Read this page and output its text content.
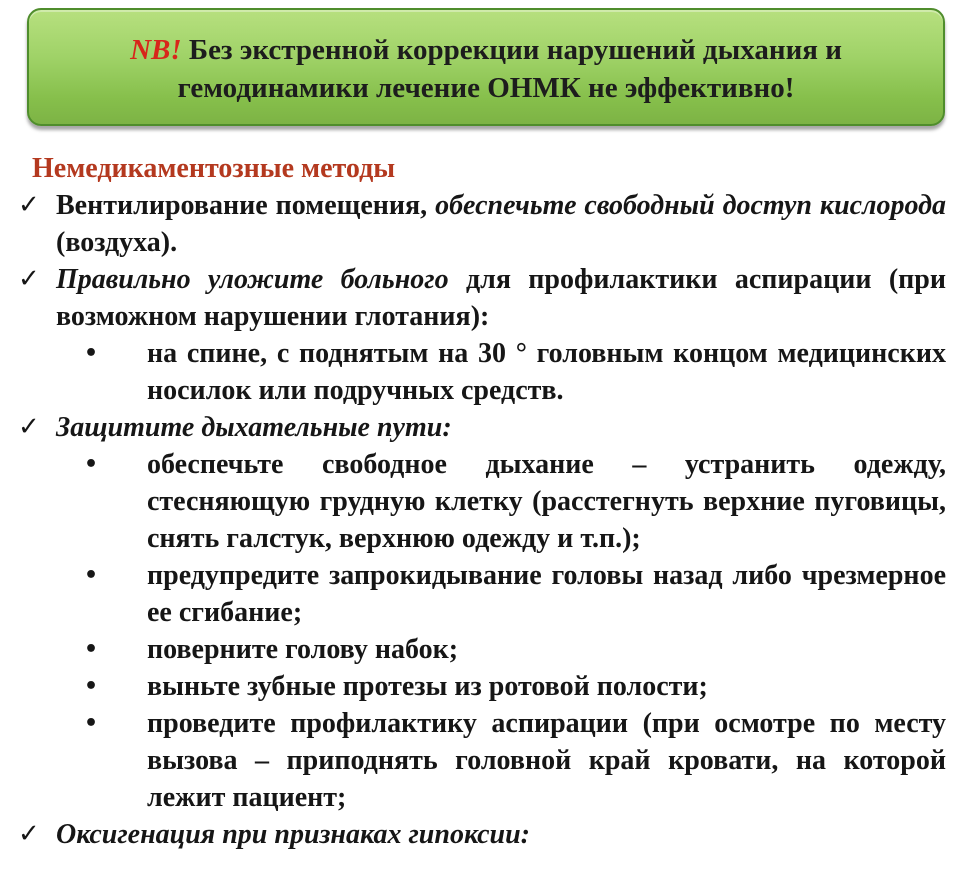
NB! Без экстренной коррекции нарушений дыхания и
гемодинамики лечение ОНМК не эффективно!
Немедикаментозные методы
✓ Вентилирование помещения, обеспечьте свободный доступ кислорода (воздуха).
✓ Правильно уложите больного для профилактики аспирации (при возможном нарушении глотания):
• на спине, с поднятым на 30 ° головным концом медицинских носилок или подручных средств.
✓ Защитите дыхательные пути:
• обеспечьте свободное дыхание – устранить одежду, стесняющую грудную клетку (расстегнуть верхние пуговицы, снять галстук, верхнюю одежду и т.п.);
• предупредите запрокидывание головы назад либо чрезмерное ее сгибание;
• поверните голову набок;
• выньте зубные протезы из ротовой полости;
• проведите профилактику аспирации (при осмотре по месту вызова – приподнять головной край кровати, на которой лежит пациент;
✓ Оксигенация при признаках гипоксии:
